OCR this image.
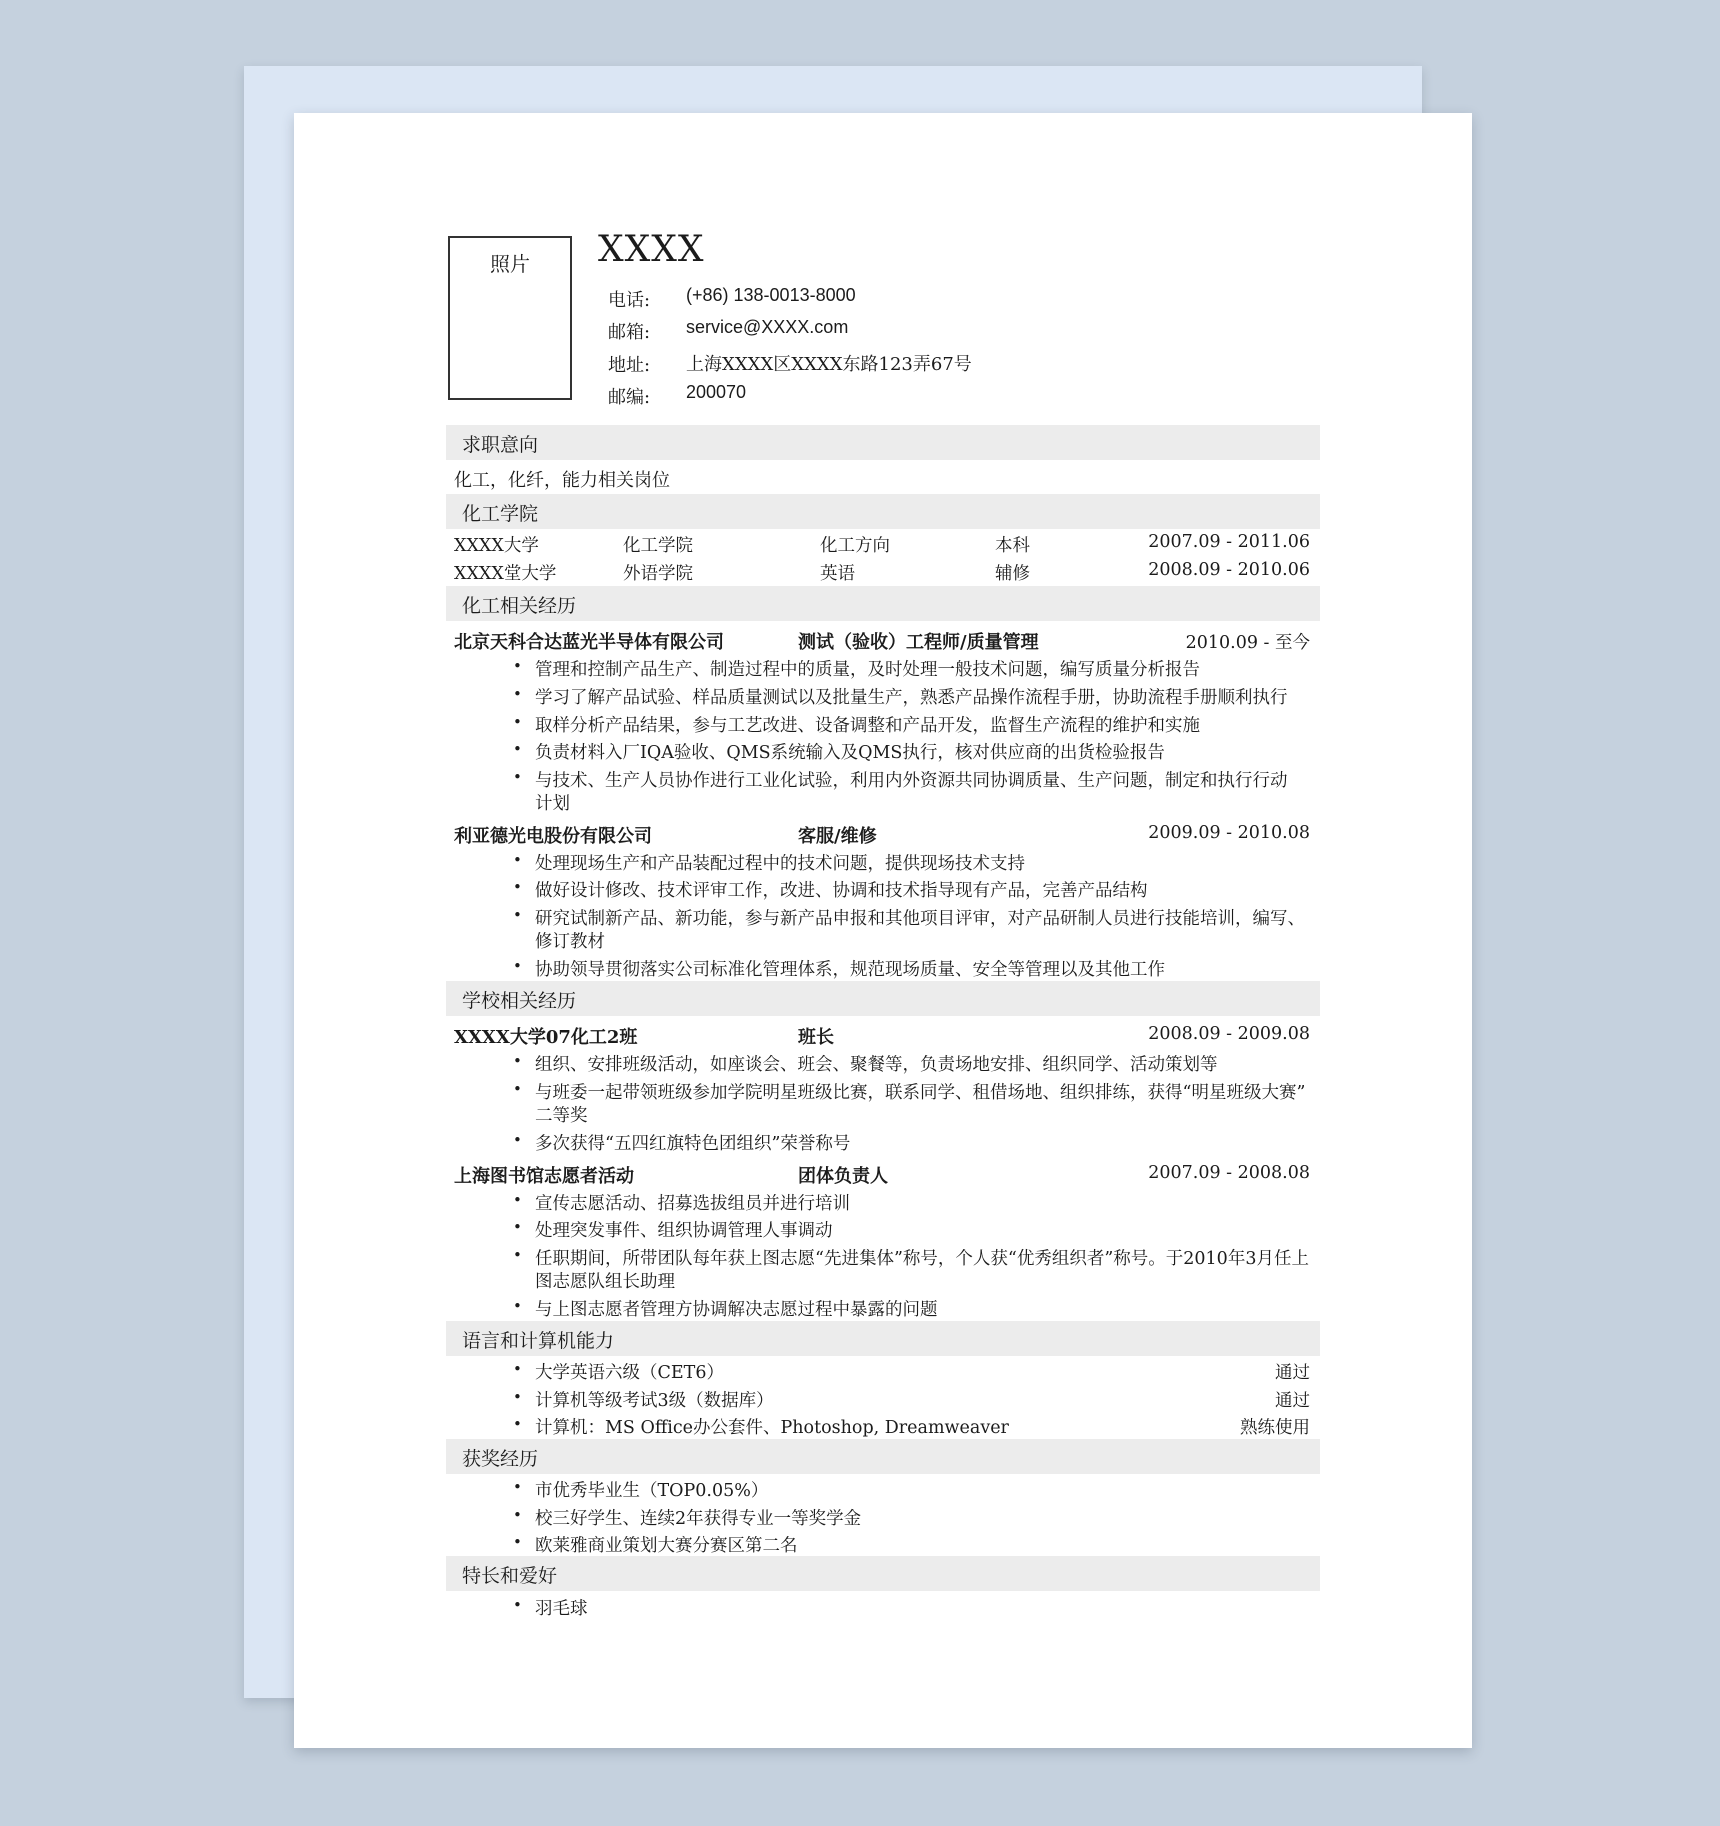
照片	XXXX
电话: (+86) 138-0013-8000
邮箱: service@XXXX.com
地址: 上海XXXX区XXXX东路123弄67号
邮编: 200070
求职意向
化工，化纤，能力相关岗位
化工学院
XXXX大学	化工学院	化工方向	本科	2007.09 - 2011.06
XXXX堂大学	外语学院	英语	辅修	2008.09 - 2010.06
化工相关经历
北京天科合达蓝光半导体有限公司	测试（验收）工程师/质量管理	2010.09 - 至今
• 管理和控制产品生产、制造过程中的质量，及时处理一般技术问题，编写质量分析报告
• 学习了解产品试验、样品质量测试以及批量生产，熟悉产品操作流程手册，协助流程手册顺利执行
• 取样分析产品结果，参与工艺改进、设备调整和产品开发，监督生产流程的维护和实施
• 负责材料入厂IQA验收、QMS系统输入及QMS执行，核对供应商的出货检验报告
• 与技术、生产人员协作进行工业化试验，利用内外资源共同协调质量、生产问题，制定和执行行动
计划
利亚德光电股份有限公司	客服/维修	2009.09 - 2010.08
• 处理现场生产和产品装配过程中的技术问题，提供现场技术支持
• 做好设计修改、技术评审工作，改进、协调和技术指导现有产品，完善产品结构
• 研究试制新产品、新功能，参与新产品申报和其他项目评审，对产品研制人员进行技能培训，编写、
修订教材
• 协助领导贯彻落实公司标准化管理体系，规范现场质量、安全等管理以及其他工作
学校相关经历
XXXX大学07化工2班	班长	2008.09 - 2009.08
• 组织、安排班级活动，如座谈会、班会、聚餐等，负责场地安排、组织同学、活动策划等
• 与班委一起带领班级参加学院明星班级比赛，联系同学、租借场地、组织排练，获得“明星班级大赛”
二等奖
• 多次获得“五四红旗特色团组织”荣誉称号
上海图书馆志愿者活动	团体负责人	2007.09 - 2008.08
• 宣传志愿活动、招募选拔组员并进行培训
• 处理突发事件、组织协调管理人事调动
• 任职期间，所带团队每年获上图志愿“先进集体”称号，个人获“优秀组织者”称号。于2010年3月任上
图志愿队组长助理
• 与上图志愿者管理方协调解决志愿过程中暴露的问题
语言和计算机能力
• 大学英语六级（CET6）	通过
• 计算机等级考试3级（数据库）	通过
• 计算机：MS Office办公套件、Photoshop, Dreamweaver	熟练使用
获奖经历
• 市优秀毕业生（TOP0.05%）
• 校三好学生、连续2年获得专业一等奖学金
• 欧莱雅商业策划大赛分赛区第二名
特长和爱好
• 羽毛球
